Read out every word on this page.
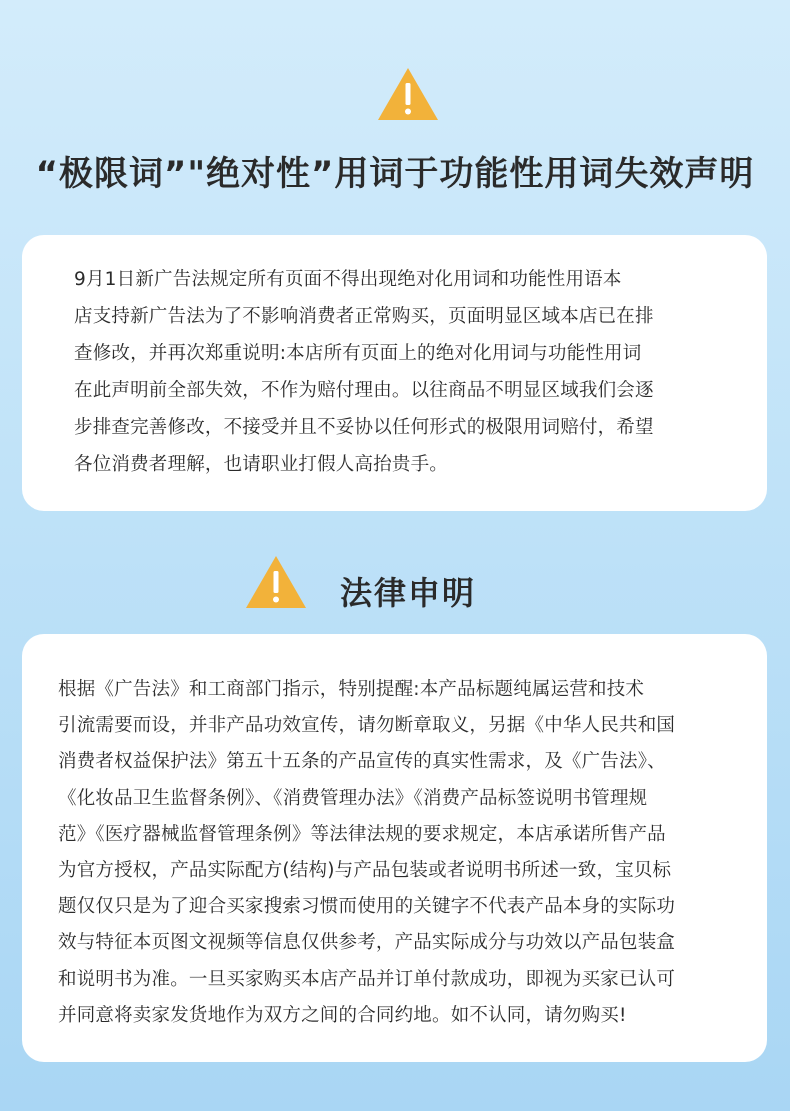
“极限词”"绝对性”用词于功能性用词失效声明

9月1日新广告法规定所有页面不得出现绝对化用词和功能性用语本
店支持新广告法为了不影响消费者正常购买，页面明显区域本店已在排
查修改，并再次郑重说明:本店所有页面上的绝对化用词与功能性用词
在此声明前全部失效，不作为赔付理由。以往商品不明显区域我们会逐
步排查完善修改，不接受并且不妥协以任何形式的极限用词赔付，希望
各位消费者理解，也请职业打假人高抬贵手。

法律申明

根据《广告法》和工商部门指示，特别提醒:本产品标题纯属运营和技术
引流需要而设，并非产品功效宣传，请勿断章取义，另据《中华人民共和国
消费者权益保护法》第五十五条的产品宣传的真实性需求，及《广告法》、
《化妆品卫生监督条例》、《消费管理办法》《消费产品标签说明书管理规
范》《医疗器械监督管理条例》等法律法规的要求规定，本店承诺所售产品
为官方授权，产品实际配方(结构)与产品包装或者说明书所述一致，宝贝标
题仅仅只是为了迎合买家搜索习惯而使用的关键字不代表产品本身的实际功
效与特征本页图文视频等信息仅供参考，产品实际成分与功效以产品包装盒
和说明书为准。一旦买家购买本店产品并订单付款成功，即视为买家已认可
并同意将卖家发货地作为双方之间的合同约地。如不认同，请勿购买!
